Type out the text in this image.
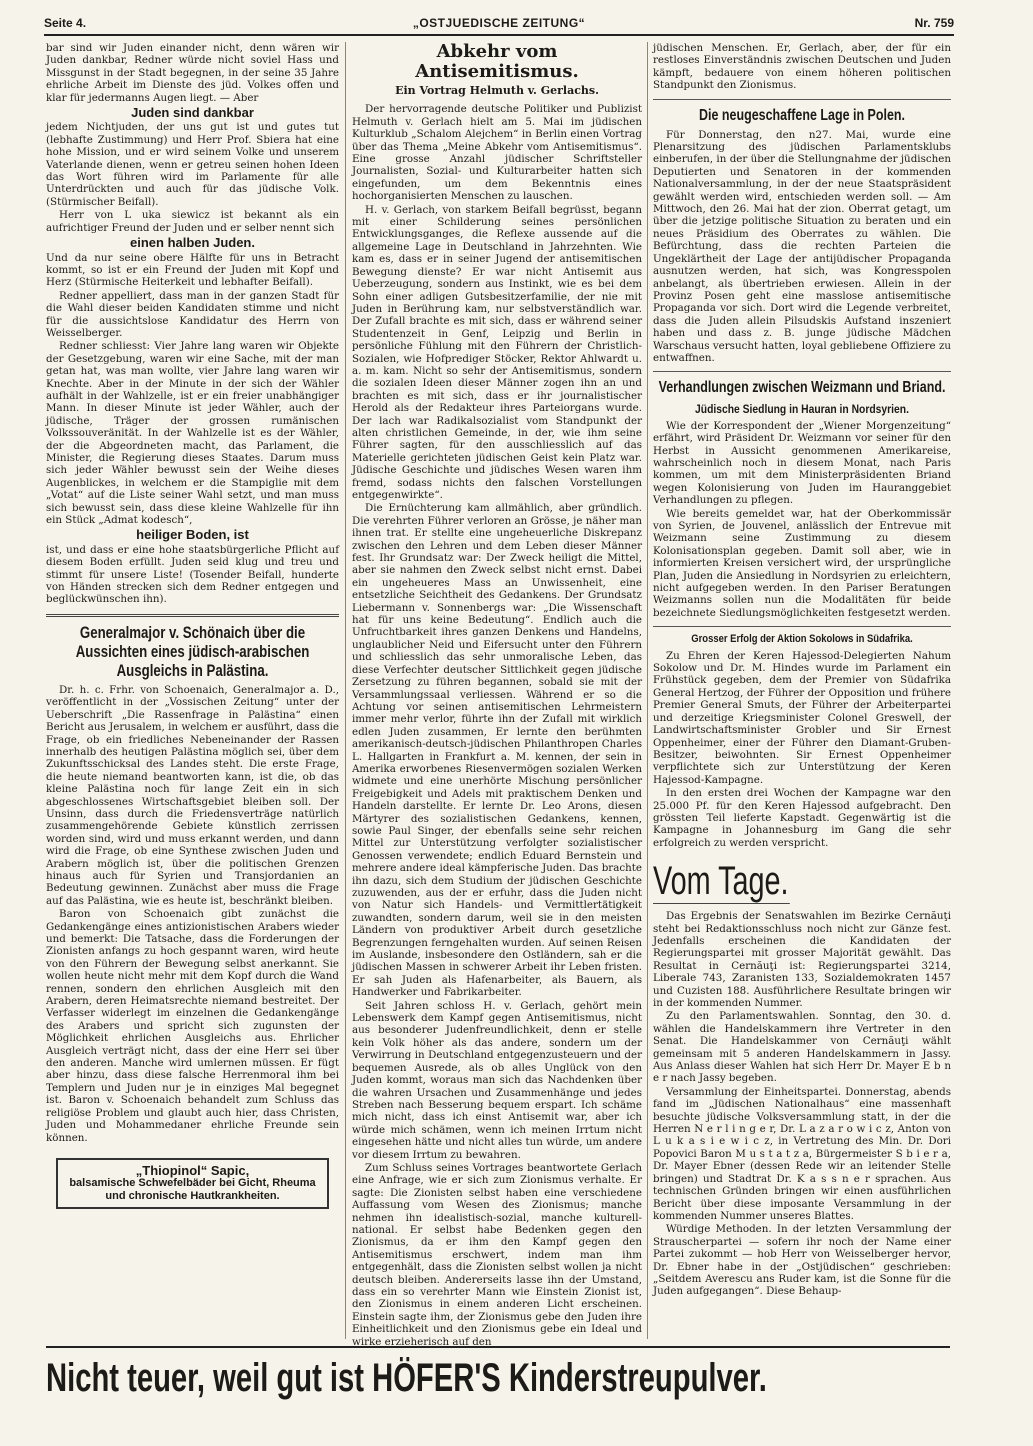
Seite 4.	„OSTJUEDISCHE ZEITUNG“	Nr. 759

bar sind wir Juden einander nicht, denn wären wir Juden dankbar, Redner würde nicht soviel Hass und Missgunst in der Stadt begegnen, in der seine 35 Jahre ehrliche Arbeit im Dienste des jüd. Volkes offen und klar für jedermanns Augen liegt. — Aber

Juden sind dankbar

jedem Nichtjuden, der uns gut ist und gutes tut (lebhafte Zustimmung) und Herr Prof. Sbiera hat eine hohe Mission, und er wird seinem Volke und unserem Vaterlande dienen, wenn er getreu seinen hohen Ideen das Wort führen wird im Parlamente für alle Unterdrückten und auch für das jüdische Volk. (Stürmischer Beifall).

Herr von L uka siewicz ist bekannt als ein aufrichtiger Freund der Juden und er selber nennt sich

einen halben Juden.

Und da nur seine obere Hälfte für uns in Betracht kommt, so ist er ein Freund der Juden mit Kopf und Herz (Stürmische Heiterkeit und lebhafter Beifall).

Redner appelliert, dass man in der ganzen Stadt für die Wahl dieser beiden Kandidaten stimme und nicht für die aussichtslose Kandidatur des Herrn von Weisselberger.

Redner schliesst: Vier Jahre lang waren wir Objekte der Gesetzgebung, waren wir eine Sache, mit der man getan hat, was man wollte, vier Jahre lang waren wir Knechte. Aber in der Minute in der sich der Wähler aufhält in der Wahlzelle, ist er ein freier unabhängiger Mann. In dieser Minute ist jeder Wähler, auch der jüdische, Träger der grossen rumänischen Volkssouveränität. In der Wahlzelle ist es der Wähler, der die Abgeordneten macht, das Parlament, die Minister, die Regierung dieses Staates. Darum muss sich jeder Wähler bewusst sein der Weihe dieses Augenblickes, in welchem er die Stampiglie mit dem „Votat“ auf die Liste seiner Wahl setzt, und man muss sich bewusst sein, dass diese kleine Wahlzelle für ihn ein Stück „Admat kodesch“,

heiliger Boden, ist

ist, und dass er eine hohe staatsbürgerliche Pflicht auf diesem Boden erfüllt. Juden seid klug und treu und stimmt für unsere Liste! (Tosender Beifall, hunderte von Händen strecken sich dem Redner entgegen und beglückwünschen ihn).

Generalmajor v. Schönaich über die Aussichten eines jüdisch-arabischen Ausgleichs in Palästina.

Dr. h. c. Frhr. von Schoenaich, Generalmajor a. D., veröffentlicht in der „Vossischen Zeitung“ unter der Ueberschrift „Die Rassenfrage in Palästina“ einen Bericht aus Jerusalem, in welchem er ausführt, dass die Frage, ob ein friedliches Nebeneinander der Rassen innerhalb des heutigen Palästina möglich sei, über dem Zukunftsschicksal des Landes steht. Die erste Frage, die heute niemand beantworten kann, ist die, ob das kleine Palästina noch für lange Zeit ein in sich abgeschlossenes Wirtschaftsgebiet bleiben soll. Der Unsinn, dass durch die Friedensverträge natürlich zusammengehörende Gebiete künstlich zerrissen worden sind, wird und muss erkannt werden, und dann wird die Frage, ob eine Synthese zwischen Juden und Arabern möglich ist, über die politischen Grenzen hinaus auch für Syrien und Transjordanien an Bedeutung gewinnen. Zunächst aber muss die Frage auf das Palästina, wie es heute ist, beschränkt bleiben.

Baron von Schoenaich gibt zunächst die Gedankengänge eines antizionistischen Arabers wieder und bemerkt: Die Tatsache, dass die Forderungen der Zionisten anfangs zu hoch gespannt waren, wird heute von den Führern der Bewegung selbst anerkannt. Sie wollen heute nicht mehr mit dem Kopf durch die Wand rennen, sondern den ehrlichen Ausgleich mit den Arabern, deren Heimatsrechte niemand bestreitet. Der Verfasser widerlegt im einzelnen die Gedankengänge des Arabers und spricht sich zugunsten der Möglichkeit ehrlichen Ausgleichs aus. Ehrlicher Ausgleich verträgt nicht, dass der eine Herr sei über den anderen. Manche wird umlernen müssen. Er fügt aber hinzu, dass diese falsche Herrenmoral ihm bei Templern und Juden nur je in einziges Mal begegnet ist. Baron v. Schoenaich behandelt zum Schluss das religiöse Problem und glaubt auch hier, dass Christen, Juden und Mohammedaner ehrliche Freunde sein können.

„Thiopinol“ Sapic,
balsamische Schwefelbäder bei Gicht, Rheuma
und chronische Hautkrankheiten.
Abkehr vom Antisemitismus.
Ein Vortrag Helmuth v. Gerlachs.

Der hervorragende deutsche Politiker und Publizist Helmuth v. Gerlach hielt am 5. Mai im jüdischen Kulturklub „Schalom Alejchem“ in Berlin einen Vortrag über das Thema „Meine Abkehr vom Antisemitismus“. Eine grosse Anzahl jüdischer Schriftsteller Journalisten, Sozial- und Kulturarbeiter hatten sich eingefunden, um dem Bekenntnis eines hochorganisierten Menschen zu lauschen.

H. v. Gerlach, von starkem Beifall begrüsst, begann mit einer Schilderung seines persönlichen Entwicklungsganges, die Reflexe aussende auf die allgemeine Lage in Deutschland in Jahrzehnten. Wie kam es, dass er in seiner Jugend der antisemitischen Bewegung dienste? Er war nicht Antisemit aus Ueberzeugung, sondern aus Instinkt, wie es bei dem Sohn einer adligen Gutsbesitzerfamilie, der nie mit Juden in Berührung kam, nur selbstverständlich war. Der Zufall brachte es mit sich, dass er während seiner Studentenzeit in Genf, Leipzig und Berlin in persönliche Fühlung mit den Führern der Christlich-Sozialen, wie Hofprediger Stöcker, Rektor Ahlwardt u. a. m. kam. Nicht so sehr der Antisemitismus, sondern die sozialen Ideen dieser Männer zogen ihn an und brachten es mit sich, dass er ihr journalistischer Herold als der Redakteur ihres Parteiorgans wurde. Der lach war Radikalsozialist vom Standpunkt der alten christlichen Gemeinde, in der, wie ihm seine Führer sagten, für den ausschliesslich auf das Materielle gerichteten jüdischen Geist kein Platz war. Jüdische Geschichte und jüdisches Wesen waren ihm fremd, sodass nichts den falschen Vorstellungen entgegenwirkte“.

Die Ernüchterung kam allmählich, aber gründlich. Die verehrten Führer verloren an Grösse, je näher man ihnen trat. Er stellte eine ungeheuerliche Diskrepanz zwischen den Lehren und dem Leben dieser Männer fest. Ihr Grundsatz war: Der Zweck heiligt die Mittel, aber sie nahmen den Zweck selbst nicht ernst. Dabei ein ungeheueres Mass an Unwissenheit, eine entsetzliche Seichtheit des Gedankens. Der Grundsatz Liebermann v. Sonnenbergs war: „Die Wissenschaft hat für uns keine Bedeutung“. Endlich auch die Unfruchtbarkeit ihres ganzen Denkens und Handelns, unglaublicher Neid und Eifersucht unter den Führern und schliesslich das sehr unmoralische Leben, das diese Verfechter deutscher Sittlichkeit gegen jüdische Zersetzung zu führen begannen, sobald sie mit der Versammlungssaal verliessen. Während er so die Achtung vor seinen antisemitischen Lehrmeistern immer mehr verlor, führte ihn der Zufall mit wirklich edlen Juden zusammen, Er lernte den berühmten amerikanisch-deutsch-jüdischen Philanthropen Charles L. Hallgarten in Frankfurt a. M. kennen, der sein in Amerika erworbenes Riesenvermögen sozialen Werken widmete und eine unerhörte Mischung persönlicher Freigebigkeit und Adels mit praktischem Denken und Handeln darstellte. Er lernte Dr. Leo Arons, diesen Märtyrer des sozialistischen Gedankens, kennen, sowie Paul Singer, der ebenfalls seine sehr reichen Mittel zur Unterstützung verfolgter sozialistischer Genossen verwendete; endlich Eduard Bernstein und mehrere andere ideal kämpferische Juden. Das brachte ihn dazu, sich dem Studium der jüdischen Geschichte zuzuwenden, aus der er erfuhr, dass die Juden nicht von Natur sich Handels- und Vermittlertätigkeit zuwandten, sondern darum, weil sie in den meisten Ländern von produktiver Arbeit durch gesetzliche Begrenzungen ferngehalten wurden. Auf seinen Reisen im Auslande, insbesondere den Ostländern, sah er die jüdischen Massen in schwerer Arbeit ihr Leben fristen. Er sah Juden als Hafenarbeiter, als Bauern, als Handwerker und Fabrikarbeiter.

Seit Jahren schloss H. v. Gerlach, gehört mein Lebenswerk dem Kampf gegen Antisemitismus, nicht aus besonderer Judenfreundlichkeit, denn er stelle kein Volk höher als das andere, sondern um der Verwirrung in Deutschland entgegenzusteuern und der bequemen Ausrede, als ob alles Unglück von den Juden kommt, woraus man sich das Nachdenken über die wahren Ursachen und Zusammenhänge und jedes Streben nach Besserung bequem erspart. Ich schäme mich nicht, dass ich einst Antisemit war, aber ich würde mich schämen, wenn ich meinen Irrtum nicht eingesehen hätte und nicht alles tun würde, um andere vor diesem Irrtum zu bewahren.

Zum Schluss seines Vortrages beantwortete Gerlach eine Anfrage, wie er sich zum Zionismus verhalte. Er sagte: Die Zionisten selbst haben eine verschiedene Auffassung vom Wesen des Zionismus; manche nehmen ihn idealistisch-sozial, manche kulturell-national. Er selbst habe Bedenken gegen den Zionismus, da er ihm den Kampf gegen den Antisemitismus erschwert, indem man ihm entgegenhält, dass die Zionisten selbst wollen ja nicht deutsch bleiben. Andererseits lasse ihn der Umstand, dass ein so verehrter Mann wie Einstein Zionist ist, den Zionismus in einem anderen Licht erscheinen. Einstein sagte ihm, der Zionismus gebe den Juden ihre Einheitlichkeit und den Zionismus gebe ein Ideal und wirke erzieherisch auf den

jüdischen Menschen. Er, Gerlach, aber, der für ein restloses Einverständnis zwischen Deutschen und Juden kämpft, bedauere von einem höheren politischen Standpunkt den Zionismus.

Die neugeschaffene Lage in Polen.

Für Donnerstag, den n27. Mai, wurde eine Plenarsitzung des jüdischen Parlamentsklubs einberufen, in der über die Stellungnahme der jüdischen Deputierten und Senatoren in der kommenden Nationalversammlung, in der der neue Staatspräsident gewählt werden wird, entschieden werden soll. — Am Mittwoch, den 26. Mai hat der zion. Oberrat getagt, um über die jetzige politische Situation zu beraten und ein neues Präsidium des Oberrates zu wählen. Die Befürchtung, dass die rechten Parteien die Ungeklärtheit der Lage der antijüdischer Propaganda ausnutzen werden, hat sich, was Kongresspolen anbelangt, als übertrieben erwiesen. Allein in der Provinz Posen geht eine masslose antisemitische Propaganda vor sich. Dort wird die Legende verbreitet, dass die Juden allein Pilsudskis Aufstand inszeniert haben und dass z. B. junge jüdische Mädchen Warschaus versucht hatten, loyal gebliebene Offiziere zu entwaffnen.

Verhandlungen zwischen Weizmann und Briand.
Jüdische Siedlung in Hauran in Nordsyrien.

Wie der Korrespondent der „Wiener Morgenzeitung“ erfährt, wird Präsident Dr. Weizmann vor seiner für den Herbst in Aussicht genommenen Amerikareise, wahrscheinlich noch in diesem Monat, nach Paris kommen, um mit dem Ministerpräsidenten Briand wegen Kolonisierung von Juden im Hauranggebiet Verhandlungen zu pflegen.

Wie bereits gemeldet war, hat der Oberkommissär von Syrien, de Jouvenel, anlässlich der Entrevue mit Weizmann seine Zustimmung zu diesem Kolonisationsplan gegeben. Damit soll aber, wie in informierten Kreisen versichert wird, der ursprüngliche Plan, Juden die Ansiedlung in Nordsyrien zu erleichtern, nicht aufgegeben werden. In den Pariser Beratungen Weizmanns sollen nun die Modalitäten für beide bezeichnete Siedlungsmöglichkeiten festgesetzt werden.

Grosser Erfolg der Aktion Sokolows in Südafrika.

Zu Ehren der Keren Hajessod-Delegierten Nahum Sokolow und Dr. M. Hindes wurde im Parlament ein Frühstück gegeben, dem der Premier von Südafrika General Hertzog, der Führer der Opposition und frühere Premier General Smuts, der Führer der Arbeiterpartei und derzeitige Kriegsminister Colonel Greswell, der Landwirtschaftsminister Grobler und Sir Ernest Oppenheimer, einer der Führer den Diamant-Gruben-Besitzer, beiwohnten. Sir Ernest Oppenheimer verpflichtete sich zur Unterstützung der Keren Hajessod-Kampagne.

In den ersten drei Wochen der Kampagne war den 25.000 Pf. für den Keren Hajessod aufgebracht. Den grössten Teil lieferte Kapstadt. Gegenwärtig ist die Kampagne in Johannesburg im Gang die sehr erfolgreich zu werden verspricht.

Vom Tage.

Das Ergebnis der Senatswahlen im Bezirke Cernăuţi steht bei Redaktionsschluss noch nicht zur Gänze fest. Jedenfalls erscheinen die Kandidaten der Regierungspartei mit grosser Majorität gewählt. Das Resultat in Cernăuţi ist: Regierungspartei 3214, Liberale 743, Zaranisten 133, Sozialdemokraten 1457 und Cuzisten 188. Ausführlichere Resultate bringen wir in der kommenden Nummer.

Zu den Parlamentswahlen. Sonntag, den 30. d. wählen die Handelskammern ihre Vertreter in den Senat. Die Handelskammer von Cernăuţi wählt gemeinsam mit 5 anderen Handelskammern in Jassy. Aus Anlass dieser Wahlen hat sich Herr Dr. Mayer E b n e r nach Jassy begeben.

Versammlung der Einheitspartei. Donnerstag, abends fand im „Jüdischen Nationalhaus“ eine massenhaft besuchte jüdische Volksversammlung statt, in der die Herren N e r l i n g e r, Dr. L a z a r o w i c z, Anton von L u k a s i e w i c z, in Vertretung des Min. Dr. Dori Popovici Baron M u s t a t z a, Bürgermeister S b i e r a, Dr. Mayer Ebner (dessen Rede wir an leitender Stelle bringen) und Stadtrat Dr. K a s s n e r sprachen. Aus technischen Gründen bringen wir einen ausführlichen Bericht über diese imposante Versammlung in der kommenden Nummer unseres Blattes.

Würdige Methoden. In der letzten Versammlung der Strauscherpartei — sofern ihr noch der Name einer Partei zukommt — hob Herr von Weisselberger hervor, Dr. Ebner habe in der „Ostjüdischen“ geschrieben: „Seitdem Averescu ans Ruder kam, ist die Sonne für die Juden aufgegangen“. Diese Behaup-

Nicht teuer, weil gut ist HÖFER'S Kinderstreupulver.
